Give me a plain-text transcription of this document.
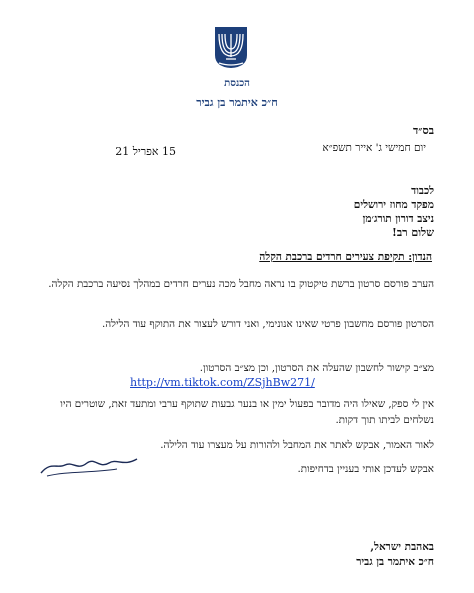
הכנסת
ח״כ איתמר בן גביר
בס״ד
יום חמישי ג' אייר תשפ״א
15 אפריל 21
לכבוד
מפקד מחוז ירושלים
ניצב דורון תורג׳מן
שלום רב!
הנדון: תקיפת צעירים חרדים ברכבת הקלה
הערב פורסם סרטון ברשת טיקטוק בו נראה מחבל מכה נערים חרדים במהלך נסיעה ברכבת הקלה.
הסרטון פורסם מחשבון פרטי שאינו אנונימי, ואני דורש לעצור את התוקף עוד הלילה.
מצ״ב קישור לחשבון שהעלה את הסרטון, וכן מצ״ב הסרטון.
http://vm.tiktok.com/ZSjhBw271/
אין לי ספק, שאילו היה מדובר בפעול ימין או בנער גבעות שתוקף ערבי ומתעד זאת, שוטרים היו נשלחים לביתו תוך דקות.
לאור האמור, אבקש לאתר את המחבל ולהורות על מעצרו עוד הלילה.
אבקש לעדכן אותי בעניין בדחיפות.
באהבת ישראל,
ח״כ איתמר בן גביר
